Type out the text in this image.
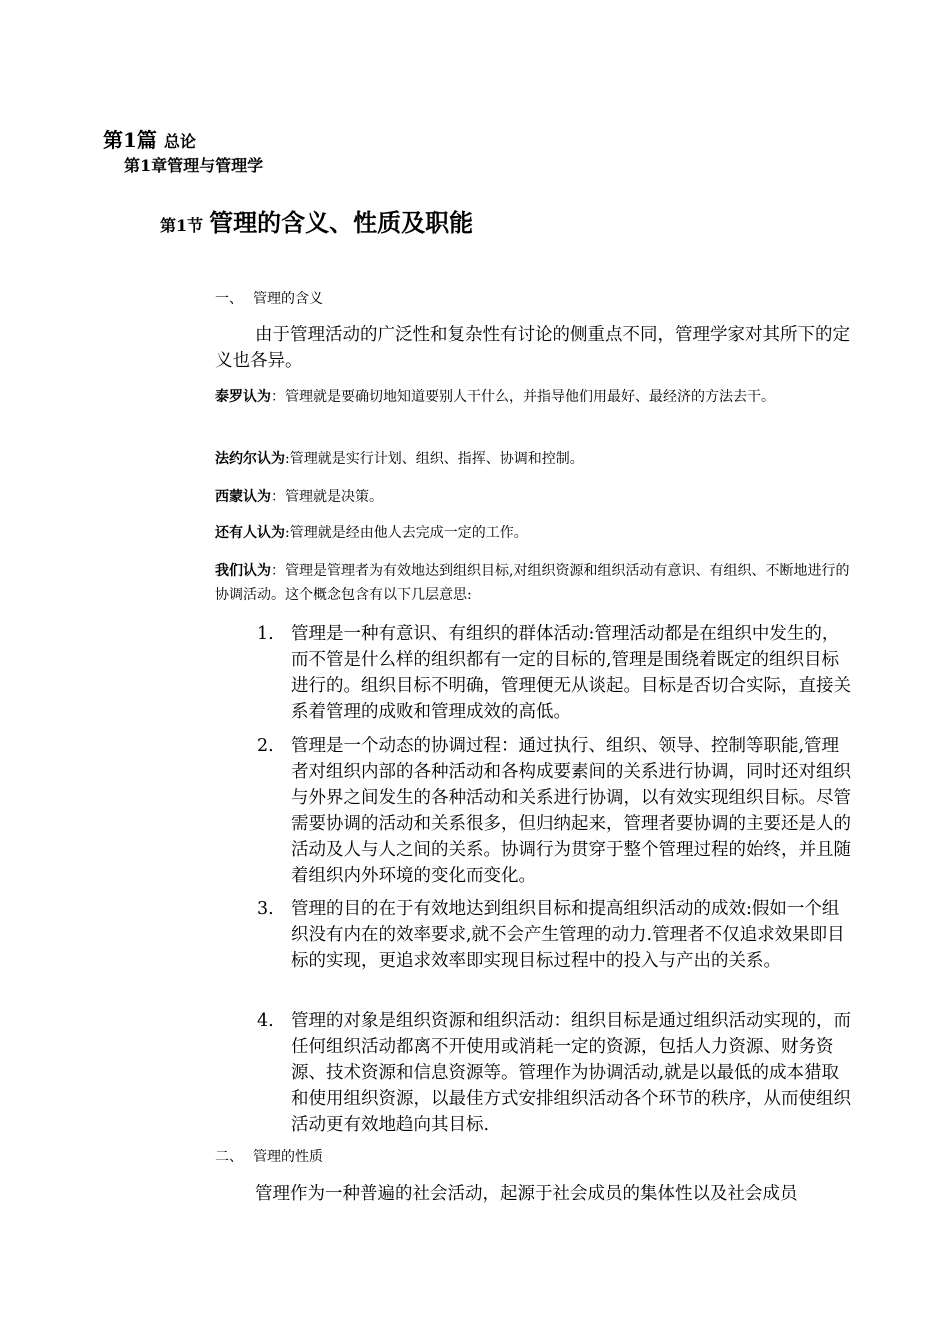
第1篇 总论
第1章管理与管理学
第1节 管理的含义、性质及职能
一、 管理的含义
由于管理活动的广泛性和复杂性有讨论的侧重点不同，管理学家对其所下的定义也各异。
泰罗认为：管理就是要确切地知道要别人干什么，并指导他们用最好、最经济的方法去干。
法约尔认为:管理就是实行计划、组织、指挥、协调和控制。
西蒙认为：管理就是决策。
还有人认为:管理就是经由他人去完成一定的工作。
我们认为：管理是管理者为有效地达到组织目标,对组织资源和组织活动有意识、有组织、不断地进行的协调活动。这个概念包含有以下几层意思:
1. 管理是一种有意识、有组织的群体活动:管理活动都是在组织中发生的，而不管是什么样的组织都有一定的目标的,管理是围绕着既定的组织目标进行的。组织目标不明确，管理便无从谈起。目标是否切合实际，直接关系着管理的成败和管理成效的高低。
2. 管理是一个动态的协调过程：通过执行、组织、领导、控制等职能,管理者对组织内部的各种活动和各构成要素间的关系进行协调，同时还对组织与外界之间发生的各种活动和关系进行协调，以有效实现组织目标。尽管需要协调的活动和关系很多，但归纳起来，管理者要协调的主要还是人的活动及人与人之间的关系。协调行为贯穿于整个管理过程的始终，并且随着组织内外环境的变化而变化。
3. 管理的目的在于有效地达到组织目标和提高组织活动的成效:假如一个组织没有内在的效率要求,就不会产生管理的动力.管理者不仅追求效果即目标的实现，更追求效率即实现目标过程中的投入与产出的关系。
4. 管理的对象是组织资源和组织活动：组织目标是通过组织活动实现的，而任何组织活动都离不开使用或消耗一定的资源，包括人力资源、财务资源、技术资源和信息资源等。管理作为协调活动,就是以最低的成本猎取和使用组织资源，以最佳方式安排组织活动各个环节的秩序，从而使组织活动更有效地趋向其目标.
二、 管理的性质
管理作为一种普遍的社会活动，起源于社会成员的集体性以及社会成员
